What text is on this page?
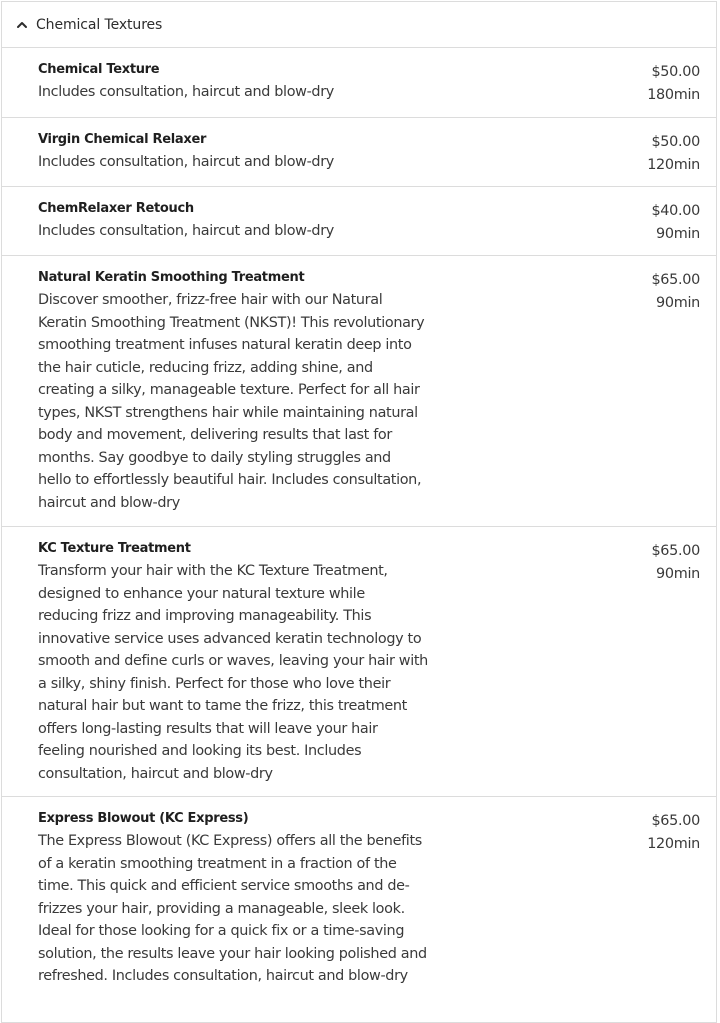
Chemical Textures
Chemical Texture
Includes consultation, haircut and blow-dry
$50.00
180min
Virgin Chemical Relaxer
Includes consultation, haircut and blow-dry
$50.00
120min
ChemRelaxer Retouch
Includes consultation, haircut and blow-dry
$40.00
90min
Natural Keratin Smoothing Treatment
Discover smoother, frizz-free hair with our Natural Keratin Smoothing Treatment (NKST)! This revolutionary smoothing treatment infuses natural keratin deep into the hair cuticle, reducing frizz, adding shine, and creating a silky, manageable texture. Perfect for all hair types, NKST strengthens hair while maintaining natural body and movement, delivering results that last for months. Say goodbye to daily styling struggles and hello to effortlessly beautiful hair. Includes consultation, haircut and blow-dry
$65.00
90min
KC Texture Treatment
Transform your hair with the KC Texture Treatment, designed to enhance your natural texture while reducing frizz and improving manageability. This innovative service uses advanced keratin technology to smooth and define curls or waves, leaving your hair with a silky, shiny finish. Perfect for those who love their natural hair but want to tame the frizz, this treatment offers long-lasting results that will leave your hair feeling nourished and looking its best. Includes consultation, haircut and blow-dry
$65.00
90min
Express Blowout (KC Express)
The Express Blowout (KC Express) offers all the benefits of a keratin smoothing treatment in a fraction of the time. This quick and efficient service smooths and de-frizzes your hair, providing a manageable, sleek look. Ideal for those looking for a quick fix or a time-saving solution, the results leave your hair looking polished and refreshed. Includes consultation, haircut and blow-dry
$65.00
120min
